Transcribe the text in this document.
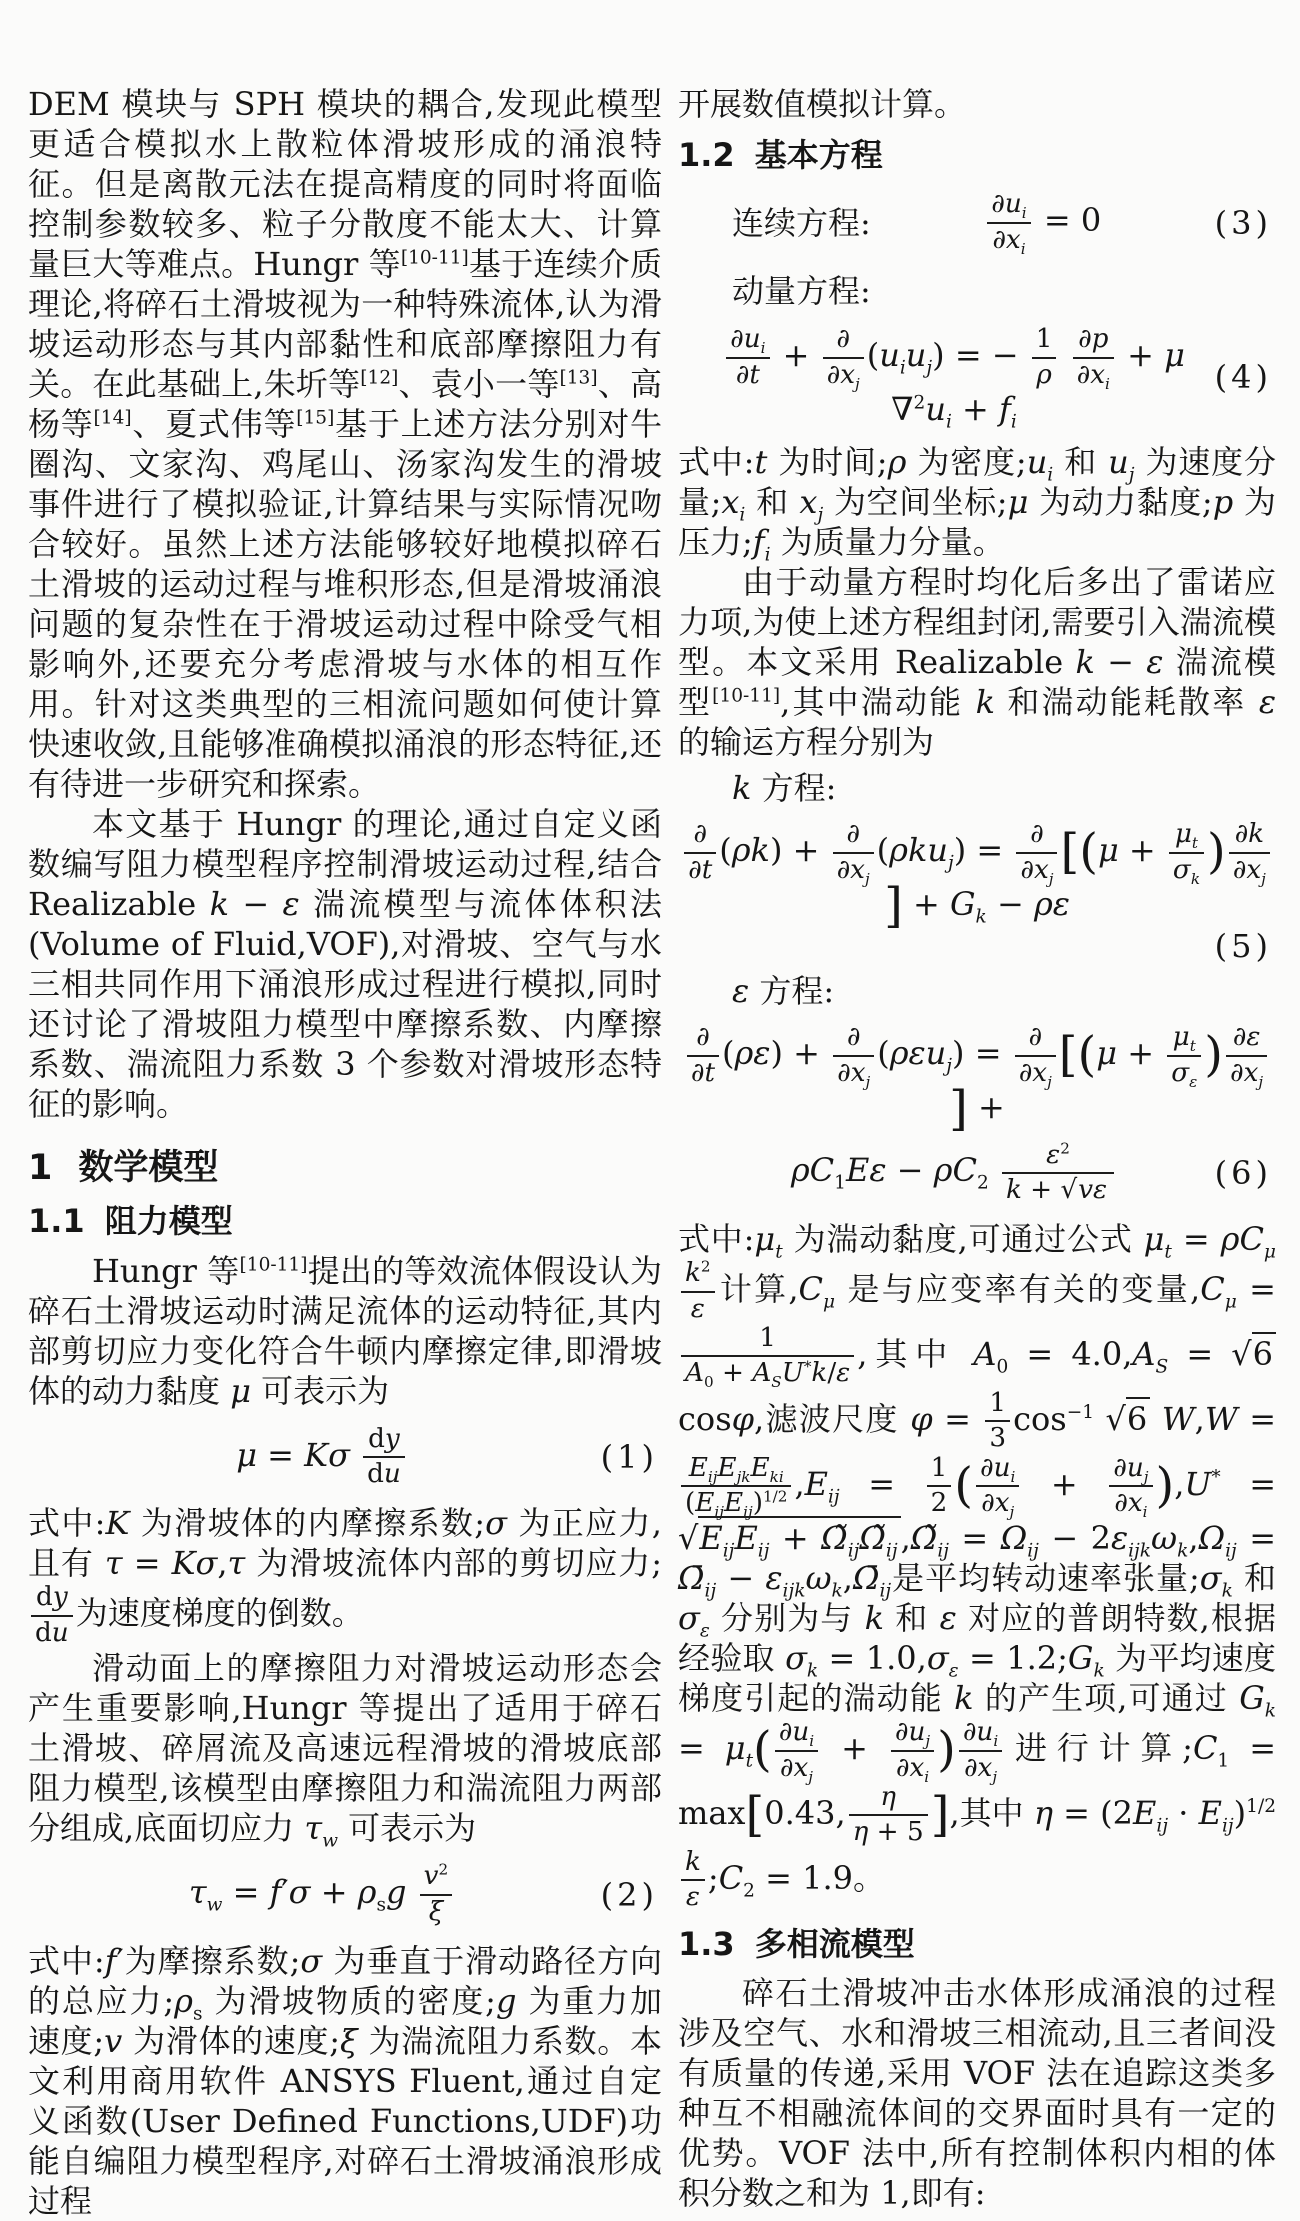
DEM 模块与 SPH 模块的耦合,发现此模型更适合模拟水上散粒体滑坡形成的涌浪特征。但是离散元法在提高精度的同时将面临控制参数较多、粒子分散度不能太大、计算量巨大等难点。Hungr 等[10-11]基于连续介质理论,将碎石土滑坡视为一种特殊流体,认为滑坡运动形态与其内部黏性和底部摩擦阻力有关。在此基础上,朱圻等[12]、袁小一等[13]、高杨等[14]、夏式伟等[15]基于上述方法分别对牛圈沟、文家沟、鸡尾山、汤家沟发生的滑坡事件进行了模拟验证,计算结果与实际情况吻合较好。虽然上述方法能够较好地模拟碎石土滑坡的运动过程与堆积形态,但是滑坡涌浪问题的复杂性在于滑坡运动过程中除受气相影响外,还要充分考虑滑坡与水体的相互作用。针对这类典型的三相流问题如何使计算快速收敛,且能够准确模拟涌浪的形态特征,还有待进一步研究和探索。

本文基于 Hungr 的理论,通过自定义函数编写阻力模型程序控制滑坡运动过程,结合 Realizable k − ε 湍流模型与流体体积法(Volume of Fluid,VOF),对滑坡、空气与水三相共同作用下涌浪形成过程进行模拟,同时还讨论了滑坡阻力模型中摩擦系数、内摩擦系数、湍流阻力系数 3 个参数对滑坡形态特征的影响。

1 数学模型
1.1 阻力模型

Hungr 等[10-11]提出的等效流体假设认为碎石土滑坡运动时满足流体的运动特征,其内部剪切应力变化符合牛顿内摩擦定律,即滑坡体的动力黏度 μ 可表示为

μ = Kσ $\frac{dy}{du}$	(1)

式中:K 为滑坡体的内摩擦系数;σ 为正应力,且有 τ = Kσ,τ 为滑坡流体内部的剪切应力;
$\frac{dy}{du}$ 为速度梯度的倒数。

滑动面上的摩擦阻力对滑坡运动形态会产生重要影响,Hungr 等提出了适用于碎石土滑坡、碎屑流及高速远程滑坡的滑坡底部阻力模型,该模型由摩擦阻力和湍流阻力两部分组成,底面切应力 $\tau_w$ 可表示为

$\tau_w = f'\sigma + \rho_sg \frac{v^2}{\xi}$	(2)

式中:f′为摩擦系数;σ 为垂直于滑动路径方向的总应力$;\rho_s$ 为滑坡物质的密度;g 为重力加速度;v 为滑体的速度;ξ 为湍流阻力系数。本文利用商用软件 ANSYS Fluent,通过自定义函数(User Defined Functions,UDF)功能自编阻力模型程序,对碎石土滑坡涌浪形成过程

开展数值模拟计算。

1.2 基本方程
连续方程:	$\frac{\partial u_i}{\partial x_i} = 0$	(3)

动量方程:

$\frac{\partial u_i}{\partial t}$ + ∂
$\partial x_j$
$(u_iu_j)$ = − $\frac{1}{\rho}$
$\frac{\partial p}{\partial x_i} + \mu$ $\nabla^2u_i + f_i$
(4)

式中:t 为时间;ρ 为密度$;u_i$ 和 $u_j$ 为速度分量$;x_i$ 和 $x_j$ 为空间坐标;μ 为动力黏度;p 为压力$;f_i$ 为质量力分量。

由于动量方程时均化后多出了雷诺应力项,为使上述方程组封闭,需要引入湍流模型。本文采用 Realizable k − ε 湍流模型[10-11],其中湍动能 k 和湍动能耗散率 ε 的输运方程分别为

k 方程:

∂
∂t
(ρk) + ∂
$\partial x_j$
(ρku$_j$) = ∂
$\partial x_j$ [($\mu + \frac{\mu_t}{\sigma_k}$ ) $\frac{\partial k}{\partial x_j}$
] + $G_k - \rho\varepsilon$
(5)

ε 方程:

∂
∂t
(ρε) + ∂
$\partial x_j$
(ρεu$_j$) = ∂
$\partial x_j$ [($\mu + \frac{\mu_t}{\sigma_\varepsilon}$ ) $\frac{\partial\varepsilon}{\partial x_j}$
] +
$\rho C_1E\varepsilon - \rho C_2 \frac{\varepsilon^2}{k + √v\varepsilon}$	(6)

式中$:\mu_t$ 为湍动黏度,可通过公式 $\mu_t = \rho C_\mu$
$\frac{k^2}{\varepsilon}$ 计算$,C_\mu$ 是与应变率有关的变量$,C_\mu$ =
1
$A_0 + A_SU^*k/\varepsilon$
,其中 $A_0 = 4.0,A_S = √6$ cosφ,滤波尺度 $\varphi = \frac{1}{3} \cos^{-1} √6$ W,W =
$E_{ij}E_{jk}E_{ki}$
$(E_{ij}E_{ij})^{1/2}$ $,E_{ij} = \frac{1}{2}$ ( $\frac{\partial u_i}{\partial x_j} + \frac{\partial u_j}{\partial x_i} ),U^* = √E_{ij}E_{ij}$ + $\Omegã_{ij}\Omegã_{ij},\Omegã_{ij} = \Omega_{ij} - 2\varepsilon_{ijk}\omega_k,\Omega_{ij}$ = $\Omegā_{ij}$ − $\varepsilon_{ijk}\omega_k,\Omegā_{ij}$是平均转动速率张量$;\sigma_k$ 和 $\sigma_\varepsilon$ 分别为与 k 和 ε 对应的普朗特数,根据经验取 $\sigma_k = 1.0,\sigma_\varepsilon$ = $1.2;G_k$ 为平均速度梯度引起的湍动能 k 的产生项,可通过 $G_k = \mu_t( \frac{\partial u_i}{\partial x_j} + \frac{\partial u_j}{\partial x_i}$ ) $\frac{\partial u_i}{\partial x_j}$ 进行计算$;C_1 = \max[0.43$, $\frac{\eta}{\eta + 5}$ ],其中 $\eta = (2E_{ij} \cdot E_{ij})^{1/2}$
$\frac{k}{\varepsilon}$ $;C_2 = 1.9$。

1.3 多相流模型

碎石土滑坡冲击水体形成涌浪的过程涉及空气、水和滑坡三相流动,且三者间没有质量的传递,采用 VOF 法在追踪这类多种互不相融流体间的交界面时具有一定的优势。VOF 法中,所有控制体积内相的体积分数之和为 1,即有:
